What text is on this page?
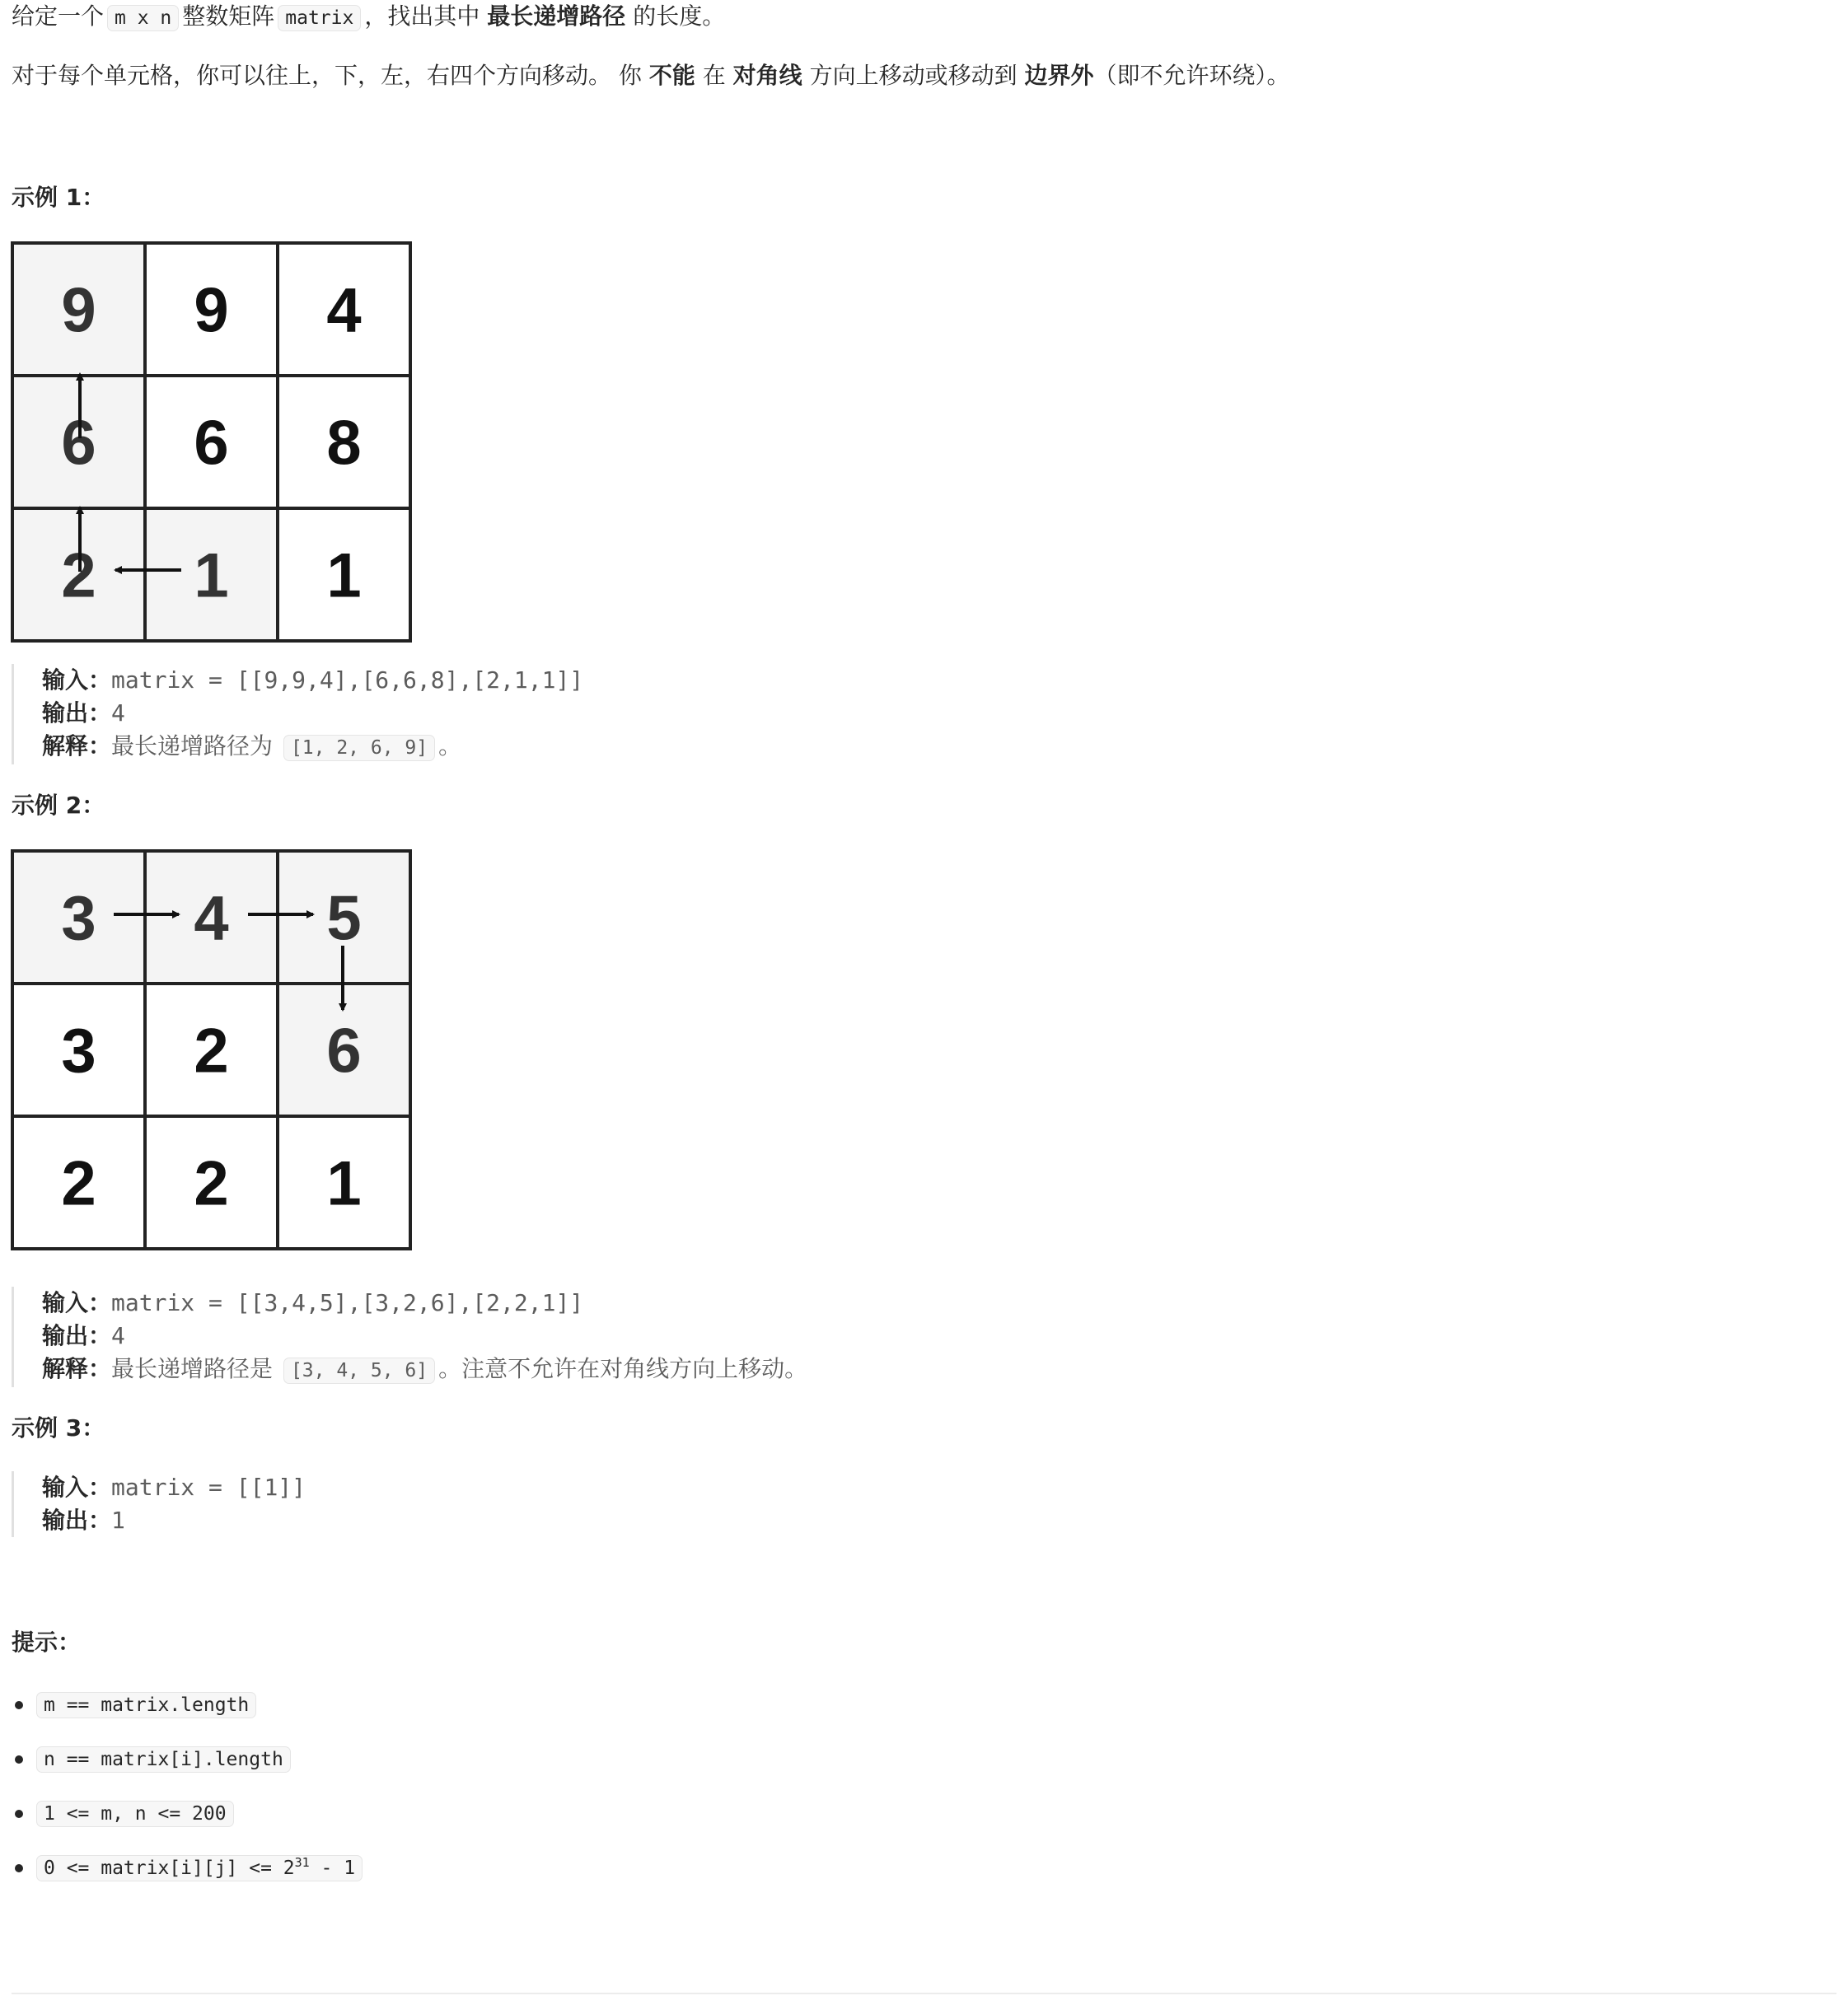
给定一个 m x n 整数矩阵 matrix ，找出其中 最长递增路径 的长度。
对于每个单元格，你可以往上，下，左，右四个方向移动。 你 不能 在 对角线 方向上移动或移动到 边界外（即不允许环绕）。
示例 1：
9 9 4
6 6 8
2 1 1
输入：matrix = [[9,9,4],[6,6,8],[2,1,1]]
输出：4
解释：最长递增路径为 [1, 2, 6, 9] 。
示例 2：
3 4 5
3 2 6
2 2 1
输入：matrix = [[3,4,5],[3,2,6],[2,2,1]]
输出：4
解释：最长递增路径是 [3, 4, 5, 6] 。注意不允许在对角线方向上移动。
示例 3：
输入：matrix = [[1]]
输出：1
提示：
m == matrix.length
n == matrix[i].length
1 <= m, n <= 200
0 <= matrix[i][j] <= $2^{31} - 1$
